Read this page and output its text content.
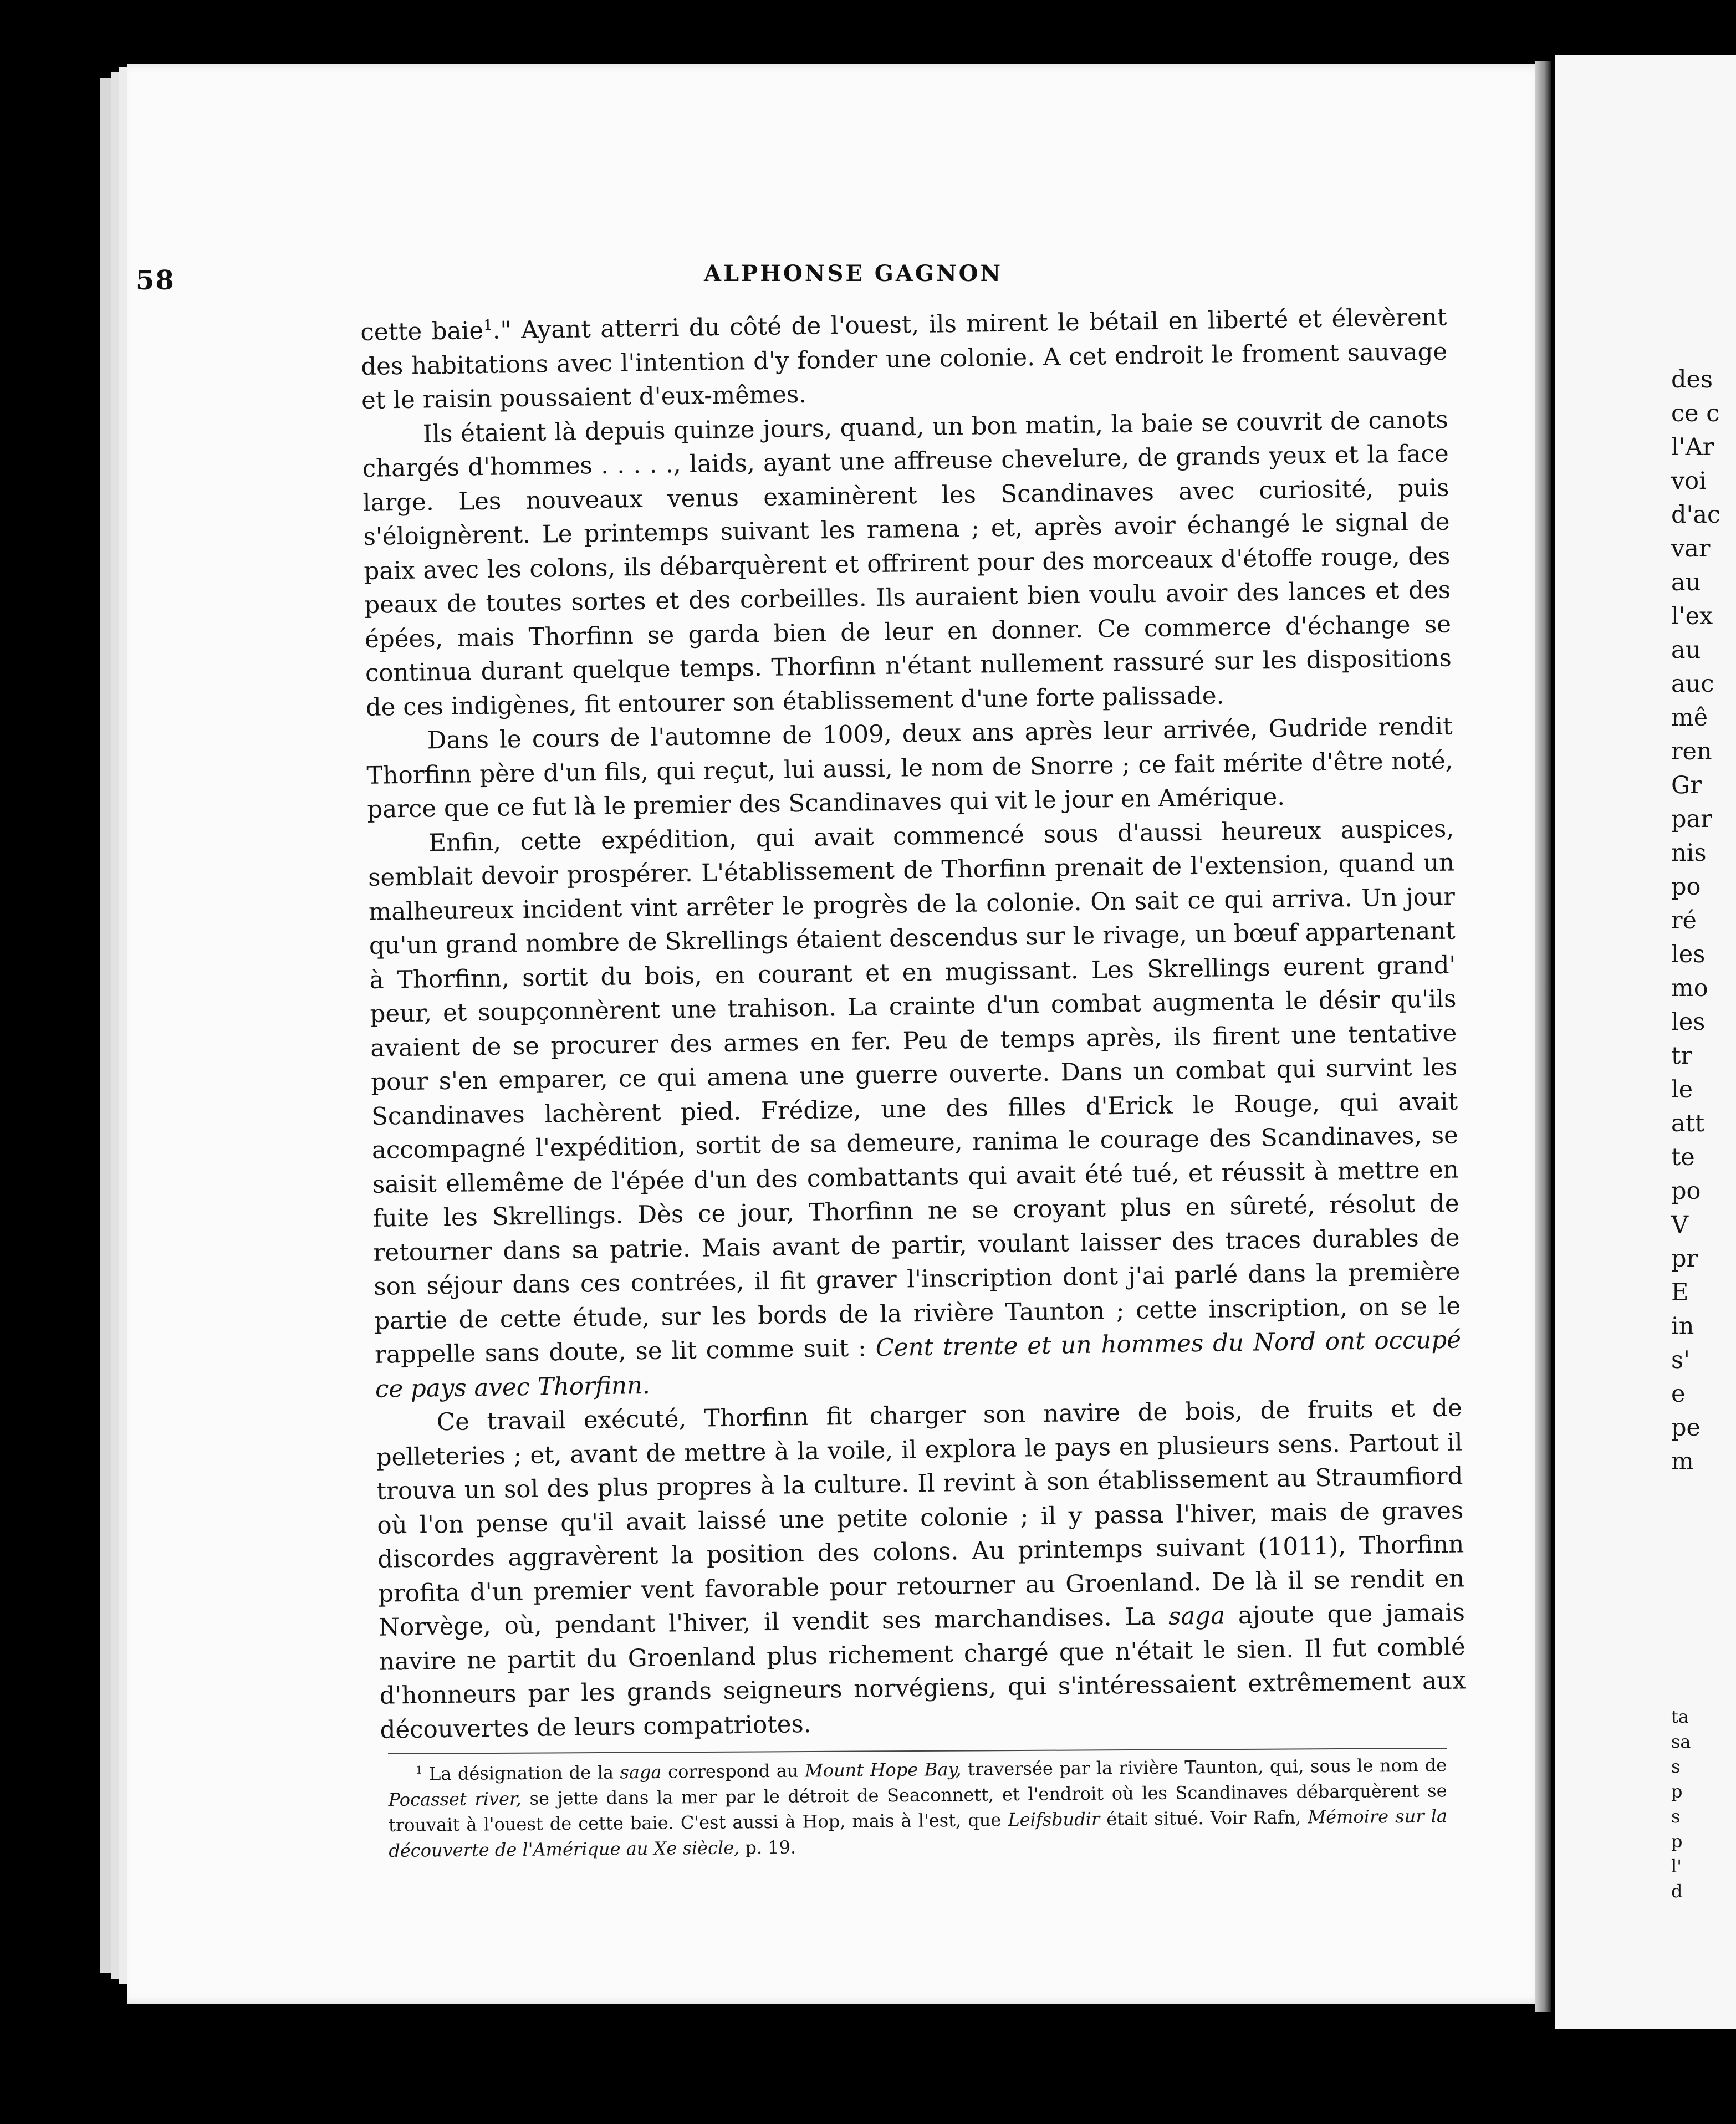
58	ALPHONSE GAGNON

cette baie$^1$." Ayant atterri du côté de l'ouest, ils mirent le bétail en liberté et élevèrent des habitations avec l'intention d'y fonder une colonie. A cet endroit le froment sauvage et le raisin poussaient d'eux-mêmes.

Ils étaient là depuis quinze jours, quand, un bon matin, la baie se couvrit de canots chargés d'hommes . . . . ., laids, ayant une affreuse chevelure, de grands yeux et la face large. Les nouveaux venus examinèrent les Scandinaves avec curiosité, puis s'éloignèrent. Le printemps suivant les ramena ; et, après avoir échangé le signal de paix avec les colons, ils débarquèrent et offrirent pour des morceaux d'étoffe rouge, des peaux de toutes sortes et des corbeilles. Ils auraient bien voulu avoir des lances et des épées, mais Thorfinn se garda bien de leur en donner. Ce commerce d'échange se continua durant quelque temps. Thorfinn n'étant nullement rassuré sur les dispositions de ces indigènes, fit entourer son établissement d'une forte palissade.

Dans le cours de l'automne de 1009, deux ans après leur arrivée, Gudride rendit Thorfinn père d'un fils, qui reçut, lui aussi, le nom de Snorre ; ce fait mérite d'être noté, parce que ce fut là le premier des Scandinaves qui vit le jour en Amérique.

Enfin, cette expédition, qui avait commencé sous d'aussi heureux auspices, semblait devoir prospérer. L'établissement de Thorfinn prenait de l'extension, quand un malheureux incident vint arrêter le progrès de la colonie. On sait ce qui arriva. Un jour qu'un grand nombre de Skrellings étaient descendus sur le rivage, un bœuf appartenant à Thorfinn, sortit du bois, en courant et en mugissant. Les Skrellings eurent grand' peur, et soupçonnèrent une trahison. La crainte d'un combat augmenta le désir qu'ils avaient de se procurer des armes en fer. Peu de temps après, ils firent une tentative pour s'en emparer, ce qui amena une guerre ouverte. Dans un combat qui survint les Scandinaves lachèrent pied. Frédize, une des filles d'Erick le Rouge, qui avait accompagné l'expédition, sortit de sa demeure, ranima le courage des Scandinaves, se saisit ellemême de l'épée d'un des combattants qui avait été tué, et réussit à mettre en fuite les Skrellings. Dès ce jour, Thorfinn ne se croyant plus en sûreté, résolut de retourner dans sa patrie. Mais avant de partir, voulant laisser des traces durables de son séjour dans ces contrées, il fit graver l'inscription dont j'ai parlé dans la première partie de cette étude, sur les bords de la rivière Taunton ; cette inscription, on se le rappelle sans doute, se lit comme suit : Cent trente et un hommes du Nord ont occupé ce pays avec Thorfinn.

Ce travail exécuté, Thorfinn fit charger son navire de bois, de fruits et de pelleteries ; et, avant de mettre à la voile, il explora le pays en plusieurs sens. Partout il trouva un sol des plus propres à la culture. Il revint à son établissement au Straumfiord où l'on pense qu'il avait laissé une petite colonie ; il y passa l'hiver, mais de graves discordes aggravèrent la position des colons. Au printemps suivant (1011), Thorfinn profita d'un premier vent favorable pour retourner au Groenland. De là il se rendit en Norvège, où, pendant l'hiver, il vendit ses marchandises. La saga ajoute que jamais navire ne partit du Groenland plus richement chargé que n'était le sien. Il fut comblé d'honneurs par les grands seigneurs norvégiens, qui s'intéressaient extrêmement aux découvertes de leurs compatriotes.

$^1$ La désignation de la saga correspond au Mount Hope Bay, traversée par la rivière Taunton, qui, sous le nom de Pocasset river, se jette dans la mer par le détroit de Seaconnett, et l'endroit où les Scandinaves débarquèrent se trouvait à l'ouest de cette baie. C'est aussi à Hop, mais à l'est, que Leifsbudir était situé. Voir Rafn, Mémoire sur la découverte de l'Amérique au Xe siècle, p. 19.

des
ce c
l'Ar
voi
d'ac
var
au
l'ex
au
auc
mê
ren
Gr
par
nis
po
ré
les
mo
les
tr
le
att
te
po
V
pr
E
in
s'
e
pe
m
ta
sa
s
p
s
p
l'
d
